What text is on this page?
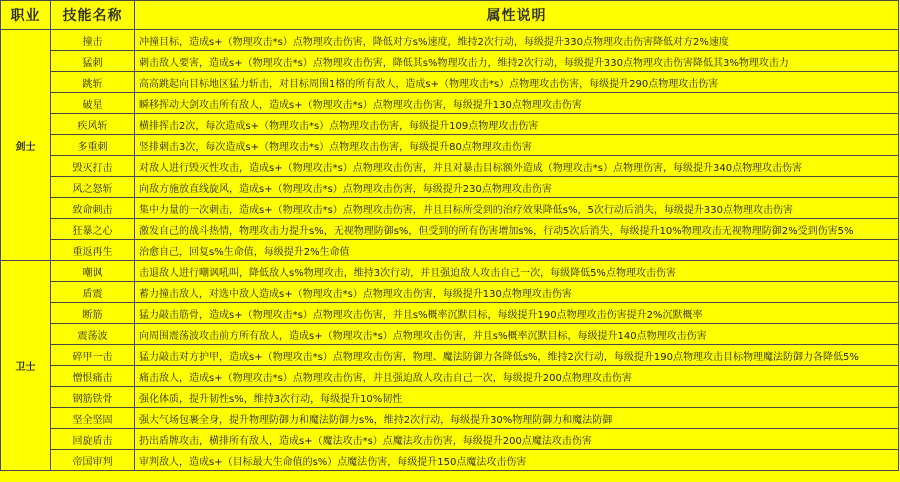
职业	技能名称	属性说明
剑士	撞击	冲撞目标，造成s+（物理攻击*s）点物理攻击伤害，降低对方s%速度，维持2次行动，每级提升330点物理攻击伤害降低对方2%速度
	猛刺	刺击敌人要害，造成s+（物理攻击*s）点物理攻击伤害，降低其s%物理攻击力，维持2次行动，每级提升330点物理攻击伤害降低其3%物理攻击力
	跳斩	高高跳起向目标地区猛力斩击，对目标周围1格的所有敌人，造成s+（物理攻击*s）点物理攻击伤害，每级提升290点物理攻击伤害
	破星	瞬移挥动大剑攻击所有敌人，造成s+（物理攻击*s）点物理攻击伤害，每级提升130点物理攻击伤害
	疾风斩	横排挥击2次，每次造成s+（物理攻击*s）点物理攻击伤害，每级提升109点物理攻击伤害
	多重刺	竖排刺击3次，每次造成s+（物理攻击*s）点物理攻击伤害，每级提升80点物理攻击伤害
	毁灭打击	对敌人进行毁灭性攻击，造成s+（物理攻击*s）点物理攻击伤害，并且对暴击目标额外造成（物理攻击*s）点物理伤害，每级提升340点物理攻击伤害
	风之怒斩	向敌方施放直线旋风，造成s+（物理攻击*s）点物理攻击伤害，每级提升230点物理攻击伤害
	致命刺击	集中力量的一次刺击，造成s+（物理攻击*s）点物理攻击伤害，并且目标所受到的治疗效果降低s%，5次行动后消失，每级提升330点物理攻击伤害
	狂暴之心	激发自己的战斗热情，物理攻击力提升s%，无视物理防御s%，但受到的所有伤害增加s%，行动5次后消失，每级提升10%物理攻击无视物理防御2%受到伤害5%
	重返再生	治愈自己，回复s%生命值，每级提升2%生命值
卫士	嘲讽	击退敌人进行嘲讽吼叫，降低敌人s%物理攻击，维持3次行动，并且强迫敌人攻击自己一次，每级降低5%点物理攻击伤害
	盾震	蓄力撞击敌人，对选中敌人造成s+（物理攻击*s）点物理攻击伤害，每级提升130点物理攻击伤害
	断筋	猛力敲击筋骨，造成s+（物理攻击*s）点物理攻击伤害，并且s%概率沉默目标，每级提升190点物理攻击伤害提升2%沉默概率
	震荡波	向周围震荡波攻击前方所有敌人，造成s+（物理攻击*s）点物理攻击伤害，并且s%概率沉默目标，每级提升140点物理攻击伤害
	碎甲一击	猛力敲击对方护甲，造成s+（物理攻击*s）点物理攻击伤害，物理、魔法防御力各降低s%，维持2次行动，每级提升190点物理攻击目标物理魔法防御力各降低5%
	憎恨痛击	痛击敌人，造成s+（物理攻击*s）点物理攻击伤害，并且强迫敌人攻击自己一次，每级提升200点物理攻击伤害
	钢筋铁骨	强化体质，提升韧性s%，维持3次行动，每级提升10%韧性
	坚全坚固	强大气场包裹全身，提升物理防御力和魔法防御力s%，维持2次行动，每级提升30%物理防御力和魔法防御
	回旋盾击	扔出盾牌攻击，横排所有敌人，造成s+（魔法攻击*s）点魔法攻击伤害，每级提升200点魔法攻击伤害
	帝国审判	审判敌人，造成s+（目标最大生命值的s%）点魔法伤害，每级提升150点魔法攻击伤害
